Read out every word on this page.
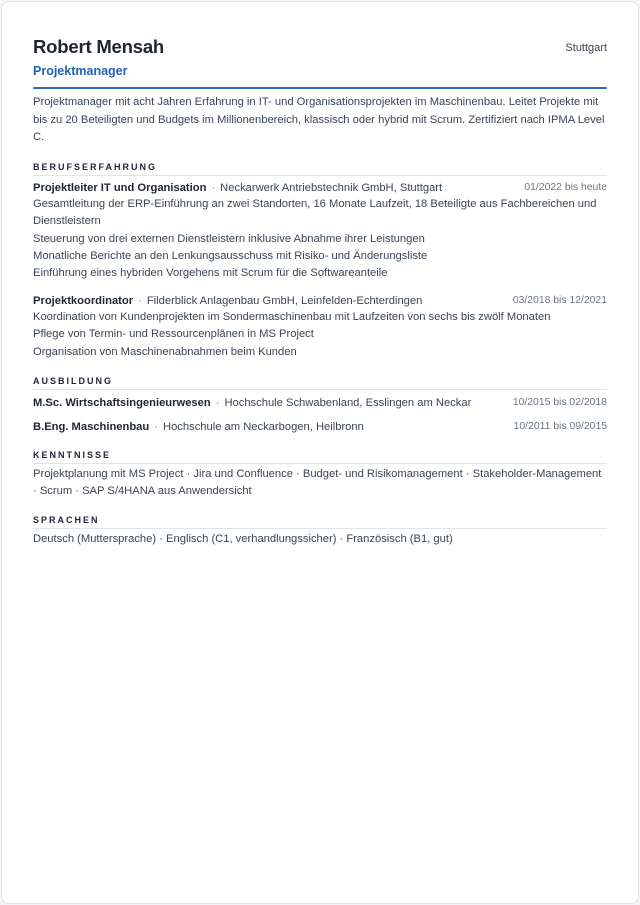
Robert Mensah	Stuttgart
Projektmanager

Projektmanager mit acht Jahren Erfahrung in IT- und Organisationsprojekten im Maschinenbau. Leitet Projekte mit bis zu 20 Beteiligten und Budgets im Millionenbereich, klassisch oder hybrid mit Scrum. Zertifiziert nach IPMA Level C.

BERUFSERFAHRUNG
Projektleiter IT und Organisation · Neckarwerk Antriebstechnik GmbH, Stuttgart	01/2022 bis heute
Gesamtleitung der ERP-Einführung an zwei Standorten, 16 Monate Laufzeit, 18 Beteiligte aus Fachbereichen und Dienstleistern
Steuerung von drei externen Dienstleistern inklusive Abnahme ihrer Leistungen
Monatliche Berichte an den Lenkungsausschuss mit Risiko- und Änderungsliste
Einführung eines hybriden Vorgehens mit Scrum für die Softwareanteile
Projektkoordinator · Filderblick Anlagenbau GmbH, Leinfelden-Echterdingen	03/2018 bis 12/2021
Koordination von Kundenprojekten im Sondermaschinenbau mit Laufzeiten von sechs bis zwölf Monaten
Pflege von Termin- und Ressourcenplänen in MS Project
Organisation von Maschinenabnahmen beim Kunden
AUSBILDUNG
M.Sc. Wirtschaftsingenieurwesen · Hochschule Schwabenland, Esslingen am Neckar	10/2015 bis 02/2018
B.Eng. Maschinenbau · Hochschule am Neckarbogen, Heilbronn	10/2011 bis 09/2015
KENNTNISSE

Projektplanung mit MS Project · Jira und Confluence · Budget- und Risikomanagement · Stakeholder-Management · Scrum · SAP S/4HANA aus Anwendersicht

SPRACHEN

Deutsch (Muttersprache) · Englisch (C1, verhandlungssicher) · Französisch (B1, gut)
